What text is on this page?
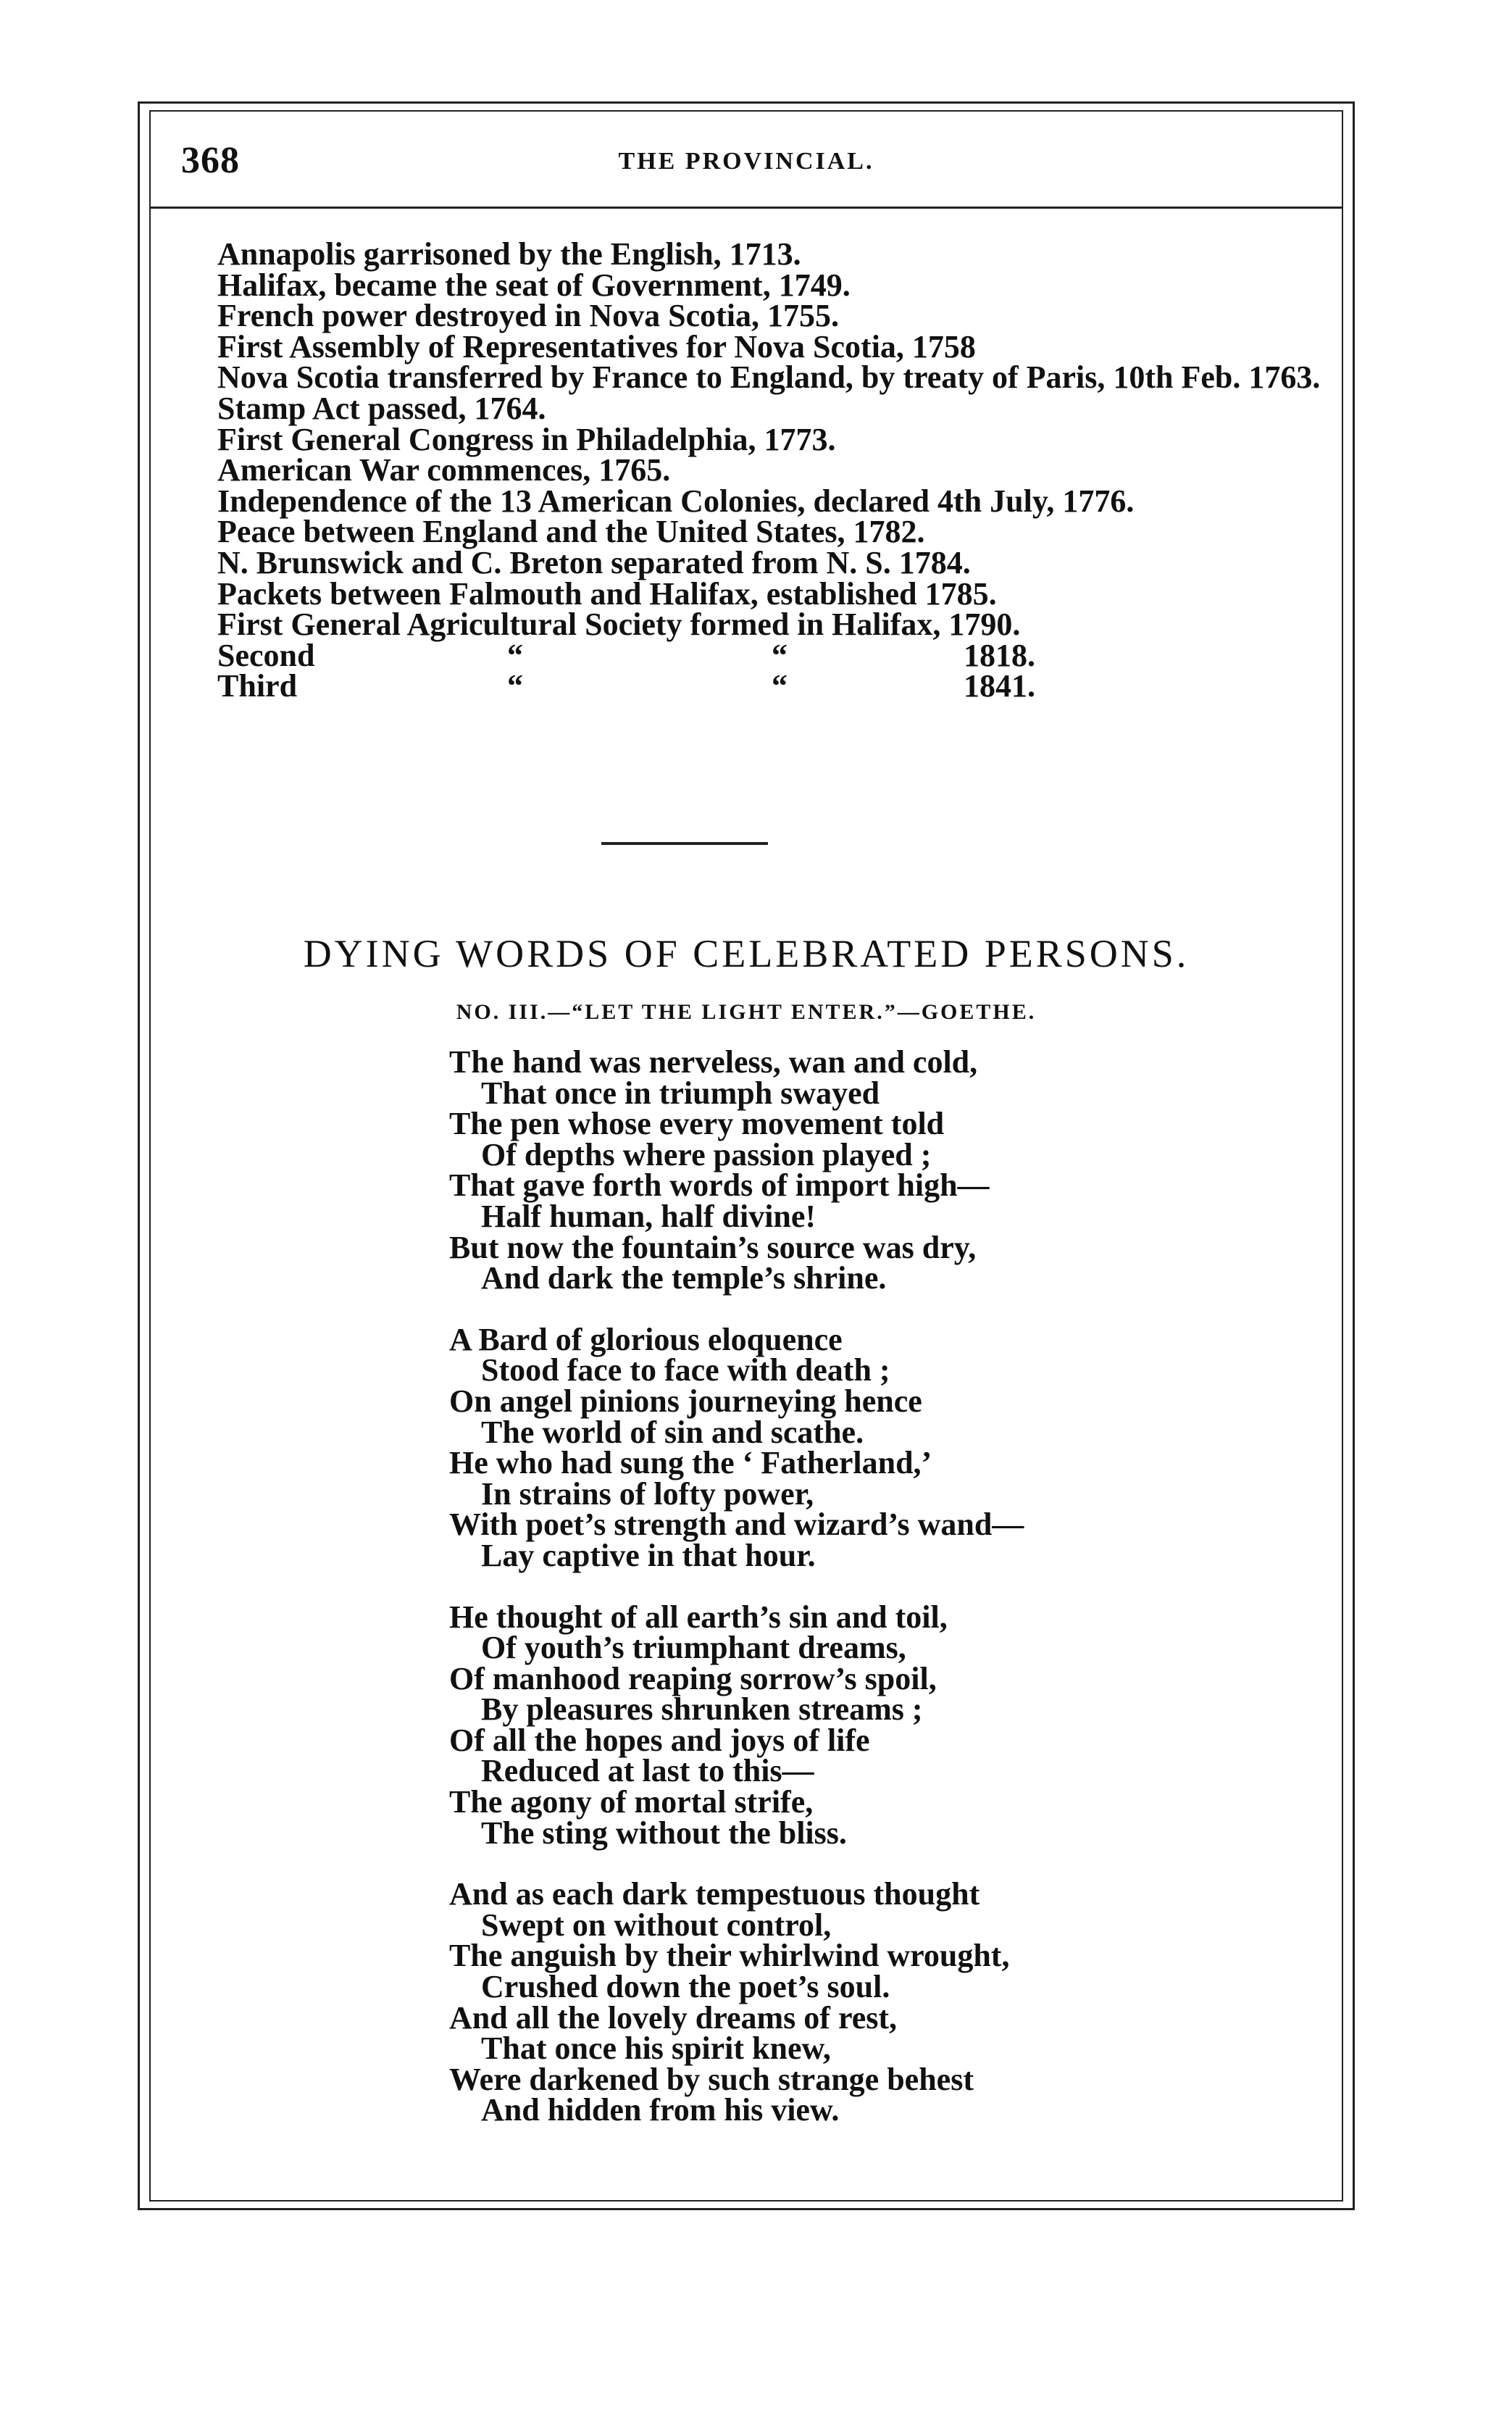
368	THE PROVINCIAL.
Annapolis garrisoned by the English, 1713.
Halifax, became the seat of Government, 1749.
French power destroyed in Nova Scotia, 1755.
First Assembly of Representatives for Nova Scotia, 1758
Nova Scotia transferred by France to England, by treaty of Paris, 10th Feb. 1763.
Stamp Act passed, 1764.
First General Congress in Philadelphia, 1773.
American War commences, 1765.
Independence of the 13 American Colonies, declared 4th July, 1776.
Peace between England and the United States, 1782.
N. Brunswick and C. Breton separated from N. S. 1784.
Packets between Falmouth and Halifax, established 1785.
First General Agricultural Society formed in Halifax, 1790.
Second	“	“	1818.
Third	“	“	1841.
DYING WORDS OF CELEBRATED PERSONS.
NO. III.—“LET THE LIGHT ENTER.”—GOETHE.
The hand was nerveless, wan and cold,
That once in triumph swayed
The pen whose every movement told
Of depths where passion played ;
That gave forth words of import high—
Half human, half divine!
But now the fountain’s source was dry,
And dark the temple’s shrine.
A Bard of glorious eloquence
Stood face to face with death ;
On angel pinions journeying hence
The world of sin and scathe.
He who had sung the ‘ Fatherland,’
In strains of lofty power,
With poet’s strength and wizard’s wand—
Lay captive in that hour.
He thought of all earth’s sin and toil,
Of youth’s triumphant dreams,
Of manhood reaping sorrow’s spoil,
By pleasures shrunken streams ;
Of all the hopes and joys of life
Reduced at last to this—
The agony of mortal strife,
The sting without the bliss.
And as each dark tempestuous thought
Swept on without control,
The anguish by their whirlwind wrought,
Crushed down the poet’s soul.
And all the lovely dreams of rest,
That once his spirit knew,
Were darkened by such strange behest
And hidden from his view.
